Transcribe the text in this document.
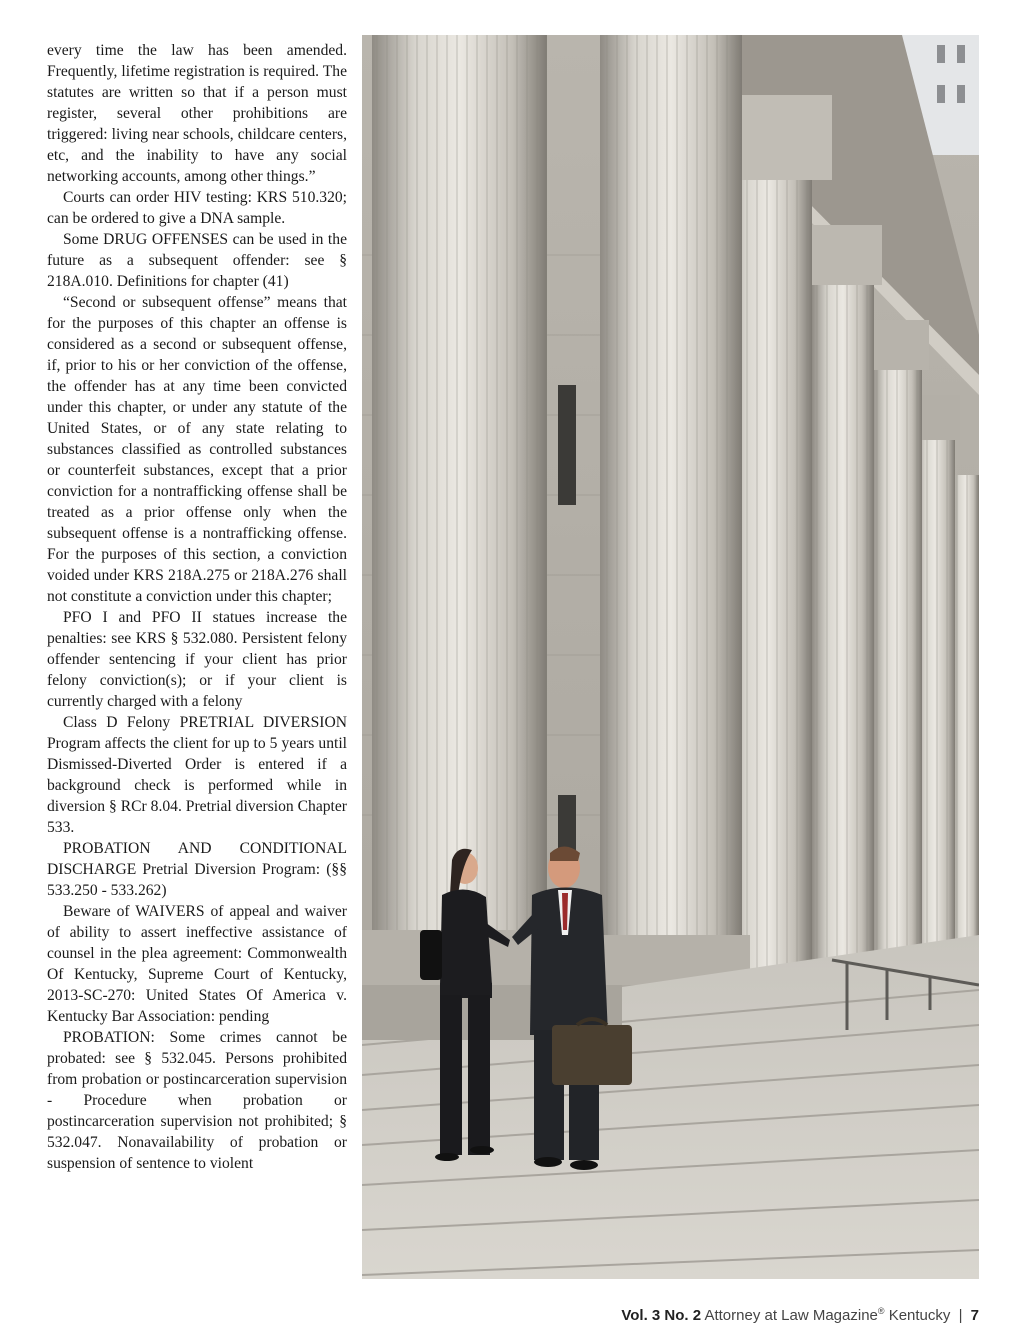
every time the law has been amended. Frequently, lifetime registration is required. The statutes are written so that if a person must register, several other prohibitions are triggered: living near schools, childcare centers, etc, and the inability to have any social networking accounts, among other things.”

Courts can order HIV testing: KRS 510.320; can be ordered to give a DNA sample.

Some DRUG OFFENSES can be used in the future as a subsequent offender: see § 218A.010. Definitions for chapter (41)

“Second or subsequent offense” means that for the purposes of this chapter an offense is considered as a second or subsequent offense, if, prior to his or her conviction of the offense, the offender has at any time been convicted under this chapter, or under any statute of the United States, or of any state relating to substances classified as controlled substances or counterfeit substances, except that a prior conviction for a nontrafficking offense shall be treated as a prior offense only when the subsequent offense is a nontrafficking offense. For the purposes of this section, a conviction voided under KRS 218A.275 or 218A.276 shall not constitute a conviction under this chapter;

PFO I and PFO II statues increase the penalties: see KRS § 532.080. Persistent felony offender sentencing if your client has prior felony conviction(s); or if your client is currently charged with a felony

Class D Felony PRETRIAL DIVERSION Program affects the client for up to 5 years until Dismissed-Diverted Order is entered if a background check is performed while in diversion § RCr 8.04. Pretrial diversion Chapter 533.

PROBATION AND CONDITIONAL DISCHARGE Pretrial Diversion Program: (§§ 533.250 - 533.262)

Beware of WAIVERS of appeal and waiver of ability to assert ineffective assistance of counsel in the plea agreement: Commonwealth Of Kentucky, Supreme Court of Kentucky, 2013-SC-270: United States Of America v. Kentucky Bar Association: pending

PROBATION: Some crimes cannot be probated: see § 532.045. Persons prohibited from probation or postincarceration supervision - Procedure when probation or postincarceration supervision not prohibited; § 532.047. Nonavailability of probation or suspension of sentence to violent

Vol. 3 No. 2 Attorney at Law Magazine® Kentucky | 7
